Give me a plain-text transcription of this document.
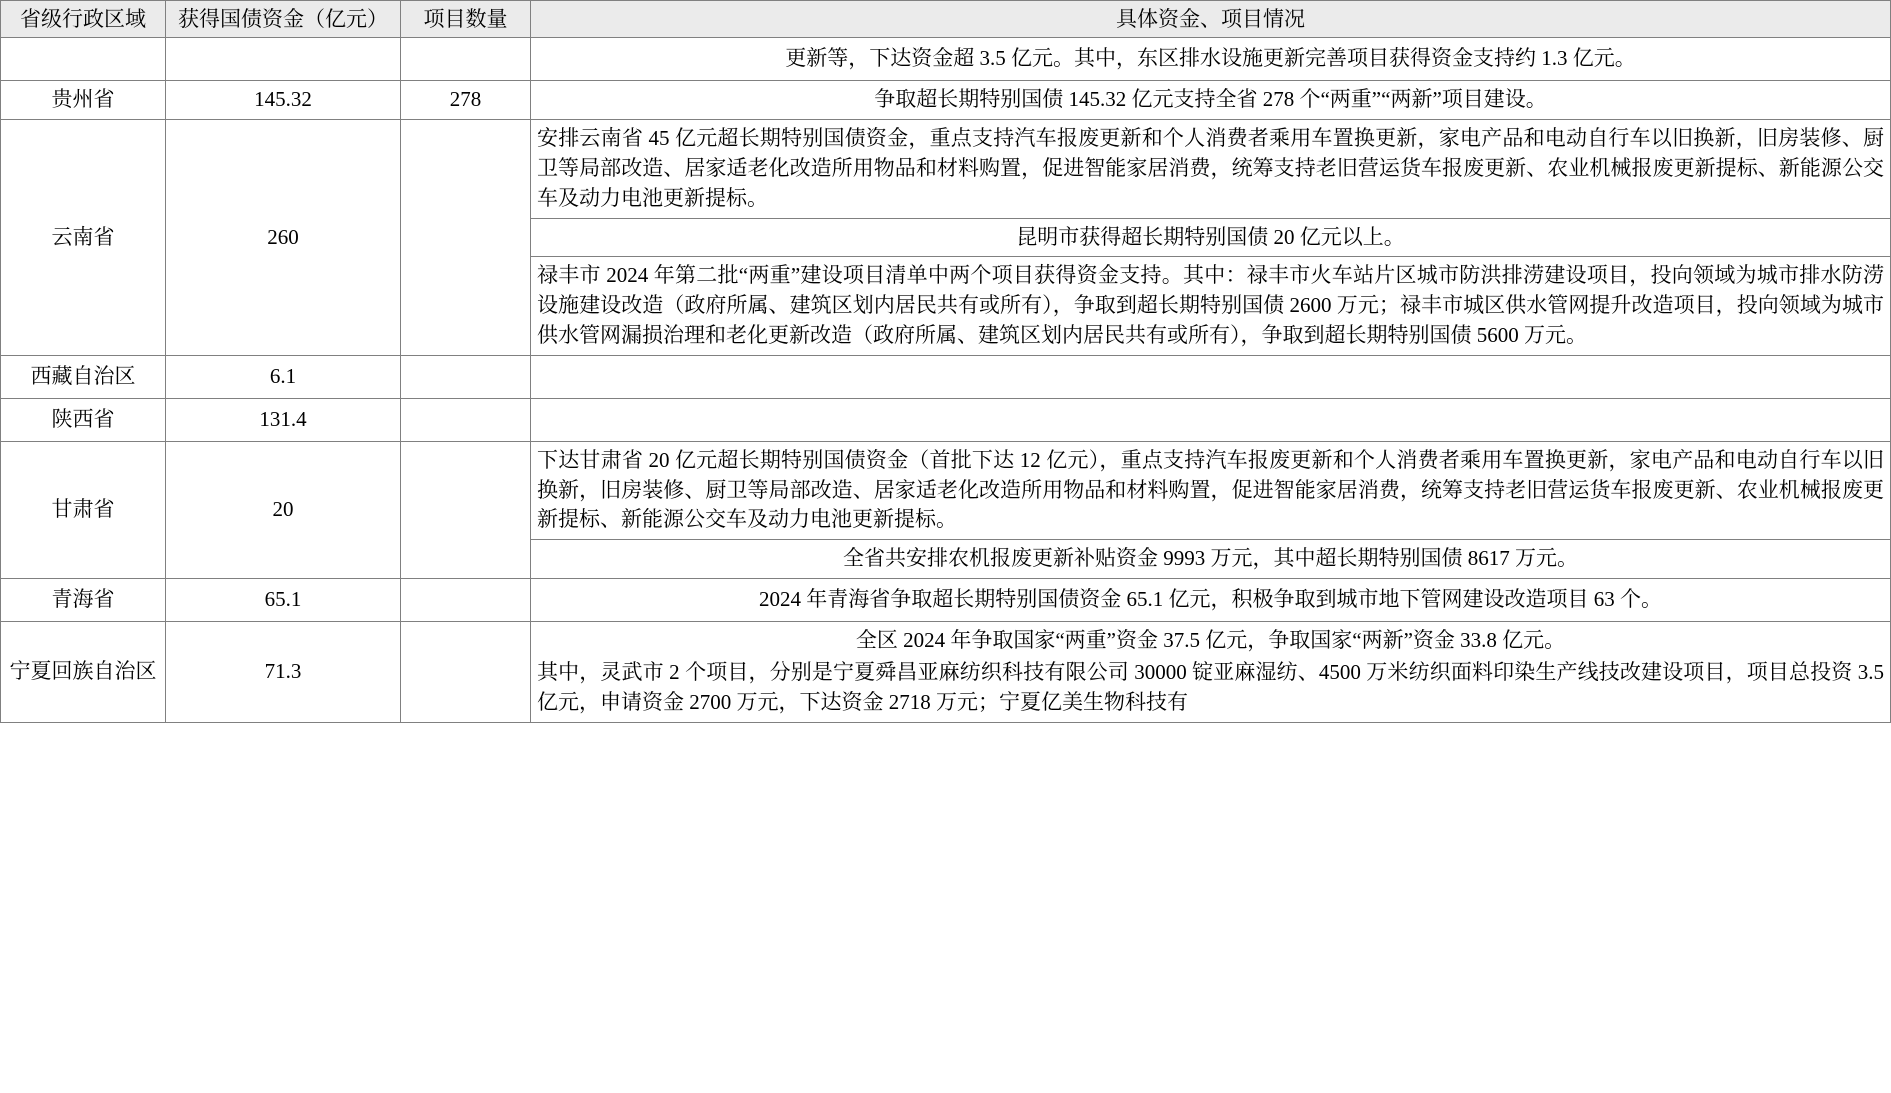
省级行政区域	获得国债资金（亿元）	项目数量	具体资金、项目情况

			更新等，下达资金超 3.5 亿元。其中，东区排水设施更新完善项目获得资金支持约 1.3 亿元。
贵州省	145.32	278	争取超长期特别国债 145.32 亿元支持全省 278 个“两重”“两新”项目建设。
云南省	260		安排云南省 45 亿元超长期特别国债资金，重点支持汽车报废更新和个人消费者乘用车置换更新，家电产品和电动自行车以旧换新，旧房装修、厨卫等局部改造、居家适老化改造所用物品和材料购置，促进智能家居消费，统筹支持老旧营运货车报废更新、农业机械报废更新提标、新能源公交车及动力电池更新提标。
			昆明市获得超长期特别国债 20 亿元以上。
			禄丰市 2024 年第二批“两重”建设项目清单中两个项目获得资金支持。其中：禄丰市火车站片区城市防洪排涝建设项目，投向领域为城市排水防涝设施建设改造（政府所属、建筑区划内居民共有或所有），争取到超长期特别国债 2600 万元；禄丰市城区供水管网提升改造项目，投向领域为城市供水管网漏损治理和老化更新改造（政府所属、建筑区划内居民共有或所有），争取到超长期特别国债 5600 万元。
西藏自治区	6.1		
陕西省	131.4		
甘肃省	20		下达甘肃省 20 亿元超长期特别国债资金（首批下达 12 亿元），重点支持汽车报废更新和个人消费者乘用车置换更新，家电产品和电动自行车以旧换新，旧房装修、厨卫等局部改造、居家适老化改造所用物品和材料购置，促进智能家居消费，统筹支持老旧营运货车报废更新、农业机械报废更新提标、新能源公交车及动力电池更新提标。
			全省共安排农机报废更新补贴资金 9993 万元，其中超长期特别国债 8617 万元。
青海省	65.1		2024 年青海省争取超长期特别国债资金 65.1 亿元，积极争取到城市地下管网建设改造项目 63 个。
宁夏回族自治区	71.3		全区 2024 年争取国家“两重”资金 37.5 亿元，争取国家“两新”资金 33.8 亿元。

其中，灵武市 2 个项目，分别是宁夏舜昌亚麻纺织科技有限公司 30000 锭亚麻湿纺、4500 万米纺织面料印染生产线技改建设项目，项目总投资 3.5 亿元，申请资金 2700 万元，下达资金 2718 万元；宁夏亿美生物科技有
